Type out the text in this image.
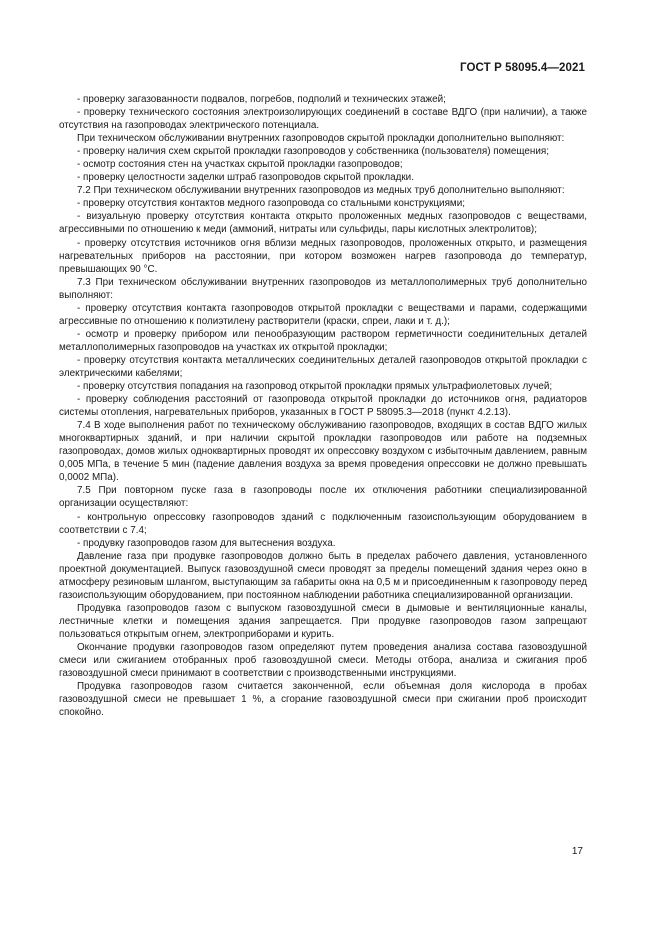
ГОСТ Р 58095.4—2021

- проверку загазованности подвалов, погребов, подполий и технических этажей;

- проверку технического состояния электроизолирующих соединений в составе ВДГО (при наличии), а также отсутствия на газопроводах электрического потенциала.

При техническом обслуживании внутренних газопроводов скрытой прокладки дополнительно выполняют:

- проверку наличия схем скрытой прокладки газопроводов у собственника (пользователя) помещения;

- осмотр состояния стен на участках скрытой прокладки газопроводов;

- проверку целостности заделки штраб газопроводов скрытой прокладки.

7.2 При техническом обслуживании внутренних газопроводов из медных труб дополнительно выполняют:

- проверку отсутствия контактов медного газопровода со стальными конструкциями;

- визуальную проверку отсутствия контакта открыто проложенных медных газопроводов с веществами, агрессивными по отношению к меди (аммоний, нитраты или сульфиды, пары кислотных электролитов);

- проверку отсутствия источников огня вблизи медных газопроводов, проложенных открыто, и размещения нагревательных приборов на расстоянии, при котором возможен нагрев газопровода до температур, превышающих 90 °С.

7.3 При техническом обслуживании внутренних газопроводов из металлополимерных труб дополнительно выполняют:

- проверку отсутствия контакта газопроводов открытой прокладки с веществами и парами, содержащими агрессивные по отношению к полиэтилену растворители (краски, спреи, лаки и т. д.);

- осмотр и проверку прибором или пенообразующим раствором герметичности соединительных деталей металлополимерных газопроводов на участках их открытой прокладки;

- проверку отсутствия контакта металлических соединительных деталей газопроводов открытой прокладки с электрическими кабелями;

- проверку отсутствия попадания на газопровод открытой прокладки прямых ультрафиолетовых лучей;

- проверку соблюдения расстояний от газопровода открытой прокладки до источников огня, радиаторов системы отопления, нагревательных приборов, указанных в ГОСТ Р 58095.3—2018 (пункт 4.2.13).

7.4 В ходе выполнения работ по техническому обслуживанию газопроводов, входящих в состав ВДГО жилых многоквартирных зданий, и при наличии скрытой прокладки газопроводов или работе на подземных газопроводах, домов жилых одноквартирных проводят их опрессовку воздухом с избыточным давлением, равным 0,005 МПа, в течение 5 мин (падение давления воздуха за время проведения опрессовки не должно превышать 0,0002 МПа).

7.5 При повторном пуске газа в газопроводы после их отключения работники специализированной организации осуществляют:

- контрольную опрессовку газопроводов зданий с подключенным газоиспользующим оборудованием в соответствии с 7.4;

- продувку газопроводов газом для вытеснения воздуха.

Давление газа при продувке газопроводов должно быть в пределах рабочего давления, установленного проектной документацией. Выпуск газовоздушной смеси проводят за пределы помещений здания через окно в атмосферу резиновым шлангом, выступающим за габариты окна на 0,5 м и присоединенным к газопроводу перед газоиспользующим оборудованием, при постоянном наблюдении работника специализированной организации.

Продувка газопроводов газом с выпуском газовоздушной смеси в дымовые и вентиляционные каналы, лестничные клетки и помещения здания запрещается. При продувке газопроводов газом запрещают пользоваться открытым огнем, электроприборами и курить.

Окончание продувки газопроводов газом определяют путем проведения анализа состава газовоздушной смеси или сжиганием отобранных проб газовоздушной смеси. Методы отбора, анализа и сжигания проб газовоздушной смеси принимают в соответствии с производственными инструкциями.

Продувка газопроводов газом считается законченной, если объемная доля кислорода в пробах газовоздушной смеси не превышает 1 %, а сгорание газовоздушной смеси при сжигании проб происходит спокойно.

17
